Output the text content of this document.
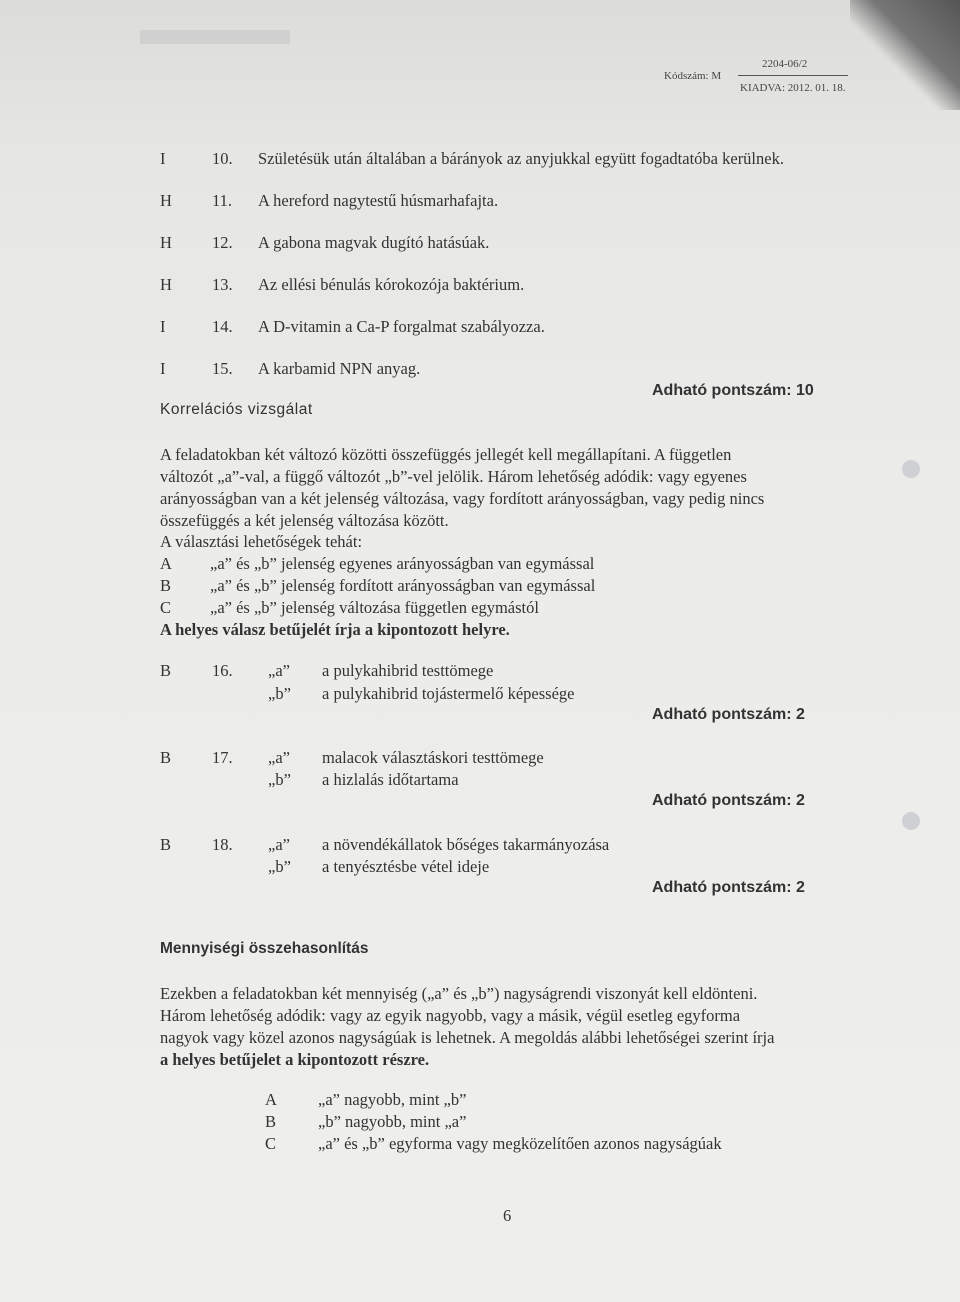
2204-06/2
Kódszám: M
KIADVA: 2012. 01. 18.
I	10. Születésük után általában a bárányok az anyjukkal együtt fogadtatóba kerülnek.
H 11. A hereford nagytestű húsmarhafajta.
H 12. A gabona magvak dugító hatásúak.
H 13. Az ellési bénulás kórokozója baktérium.
I	14. A D-vitamin a Ca-P forgalmat szabályozza.
I	15. A karbamid NPN anyag.
Adható pontszám: 10
Korrelációs vizsgálat
A feladatokban két változó közötti összefüggés jellegét kell megállapítani. A független
változót „a”-val, a függő változót „b”-vel jelölik. Három lehetőség adódik: vagy egyenes
arányosságban van a két jelenség változása, vagy fordított arányosságban, vagy pedig nincs
összefüggés a két jelenség változása között.
A választási lehetőségek tehát:
A „a” és „b” jelenség egyenes arányosságban van egymással
B „a” és „b” jelenség fordított arányosságban van egymással
C „a” és „b” jelenség változása független egymástól
A helyes válasz betűjelét írja a kipontozott helyre.
B 16. „a” a pulykahibrid testtömege
„b” a pulykahibrid tojástermelő képessége
Adható pontszám: 2
B 17. „a” malacok választáskori testtömege
„b” a hizlalás időtartama
Adható pontszám: 2
B 18. „a” a növendékállatok bőséges takarmányozása
„b” a tenyésztésbe vétel ideje
Adható pontszám: 2
Mennyiségi összehasonlítás
Ezekben a feladatokban két mennyiség („a” és „b”) nagyságrendi viszonyát kell eldönteni.
Három lehetőség adódik: vagy az egyik nagyobb, vagy a másik, végül esetleg egyforma
nagyok vagy közel azonos nagyságúak is lehetnek. A megoldás alábbi lehetőségei szerint írja
a helyes betűjelet a kipontozott részre.
A „a” nagyobb, mint „b”
B	„b” nagyobb, mint „a”
C	„a” és „b” egyforma vagy megközelítően azonos nagyságúak
6
